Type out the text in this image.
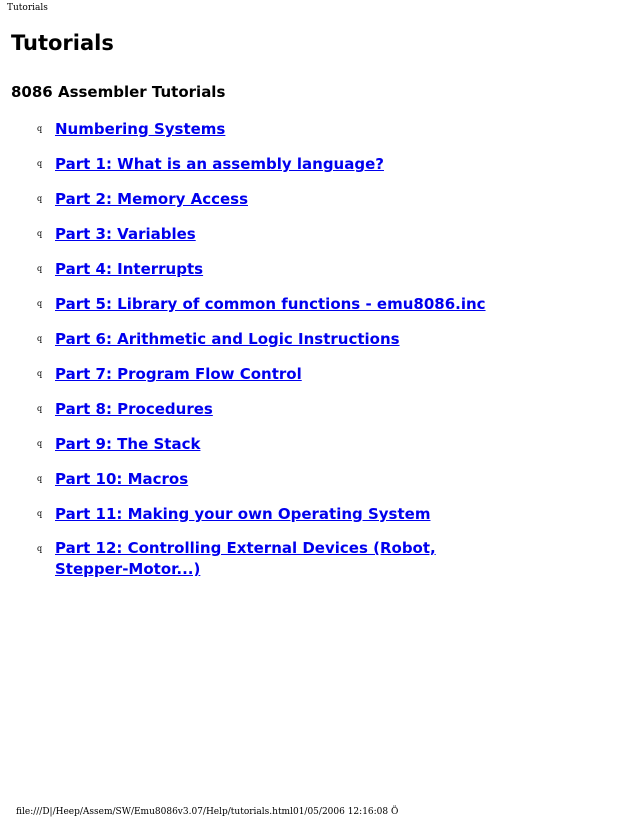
Tutorials
Tutorials
8086 Assembler Tutorials
q Numbering Systems
q Part 1: What is an assembly language?
q Part 2: Memory Access
q Part 3: Variables
q Part 4: Interrupts
q Part 5: Library of common functions - emu8086.inc
q Part 6: Arithmetic and Logic Instructions
q Part 7: Program Flow Control
q Part 8: Procedures
q Part 9: The Stack
q Part 10: Macros
q Part 11: Making your own Operating System
q Part 12: Controlling External Devices (Robot, Stepper-Motor...)
file:///D|/Heep/Assem/SW/Emu8086v3.07/Help/tutorials.html01/05/2006 12:16:08 Ö
